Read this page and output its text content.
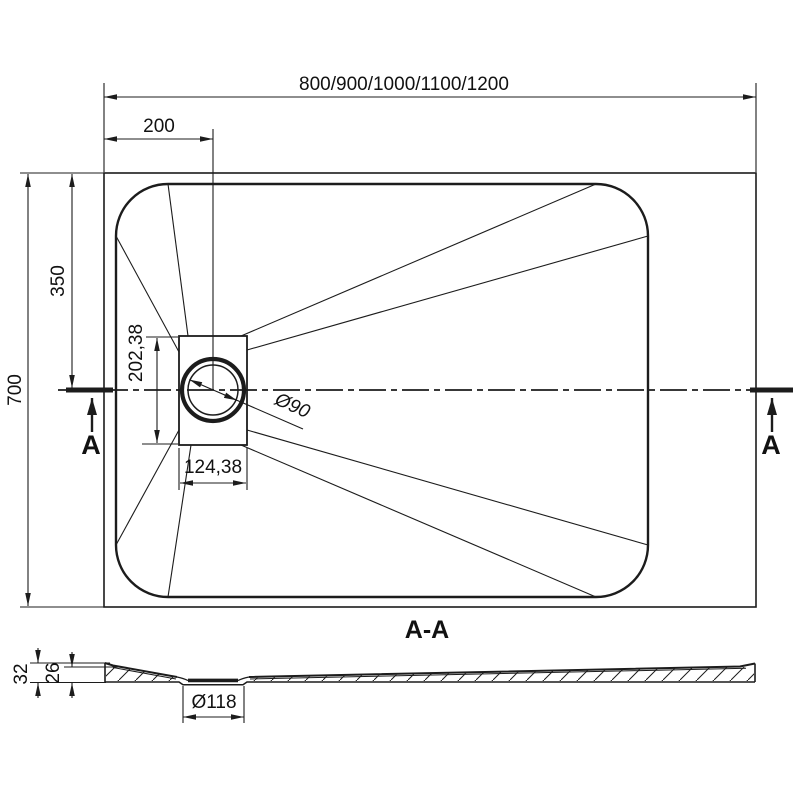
800/900/1000/1100/1200
200
700
350
202,38
124,38
Ø90
A	A
A-A
32 26
Ø118
